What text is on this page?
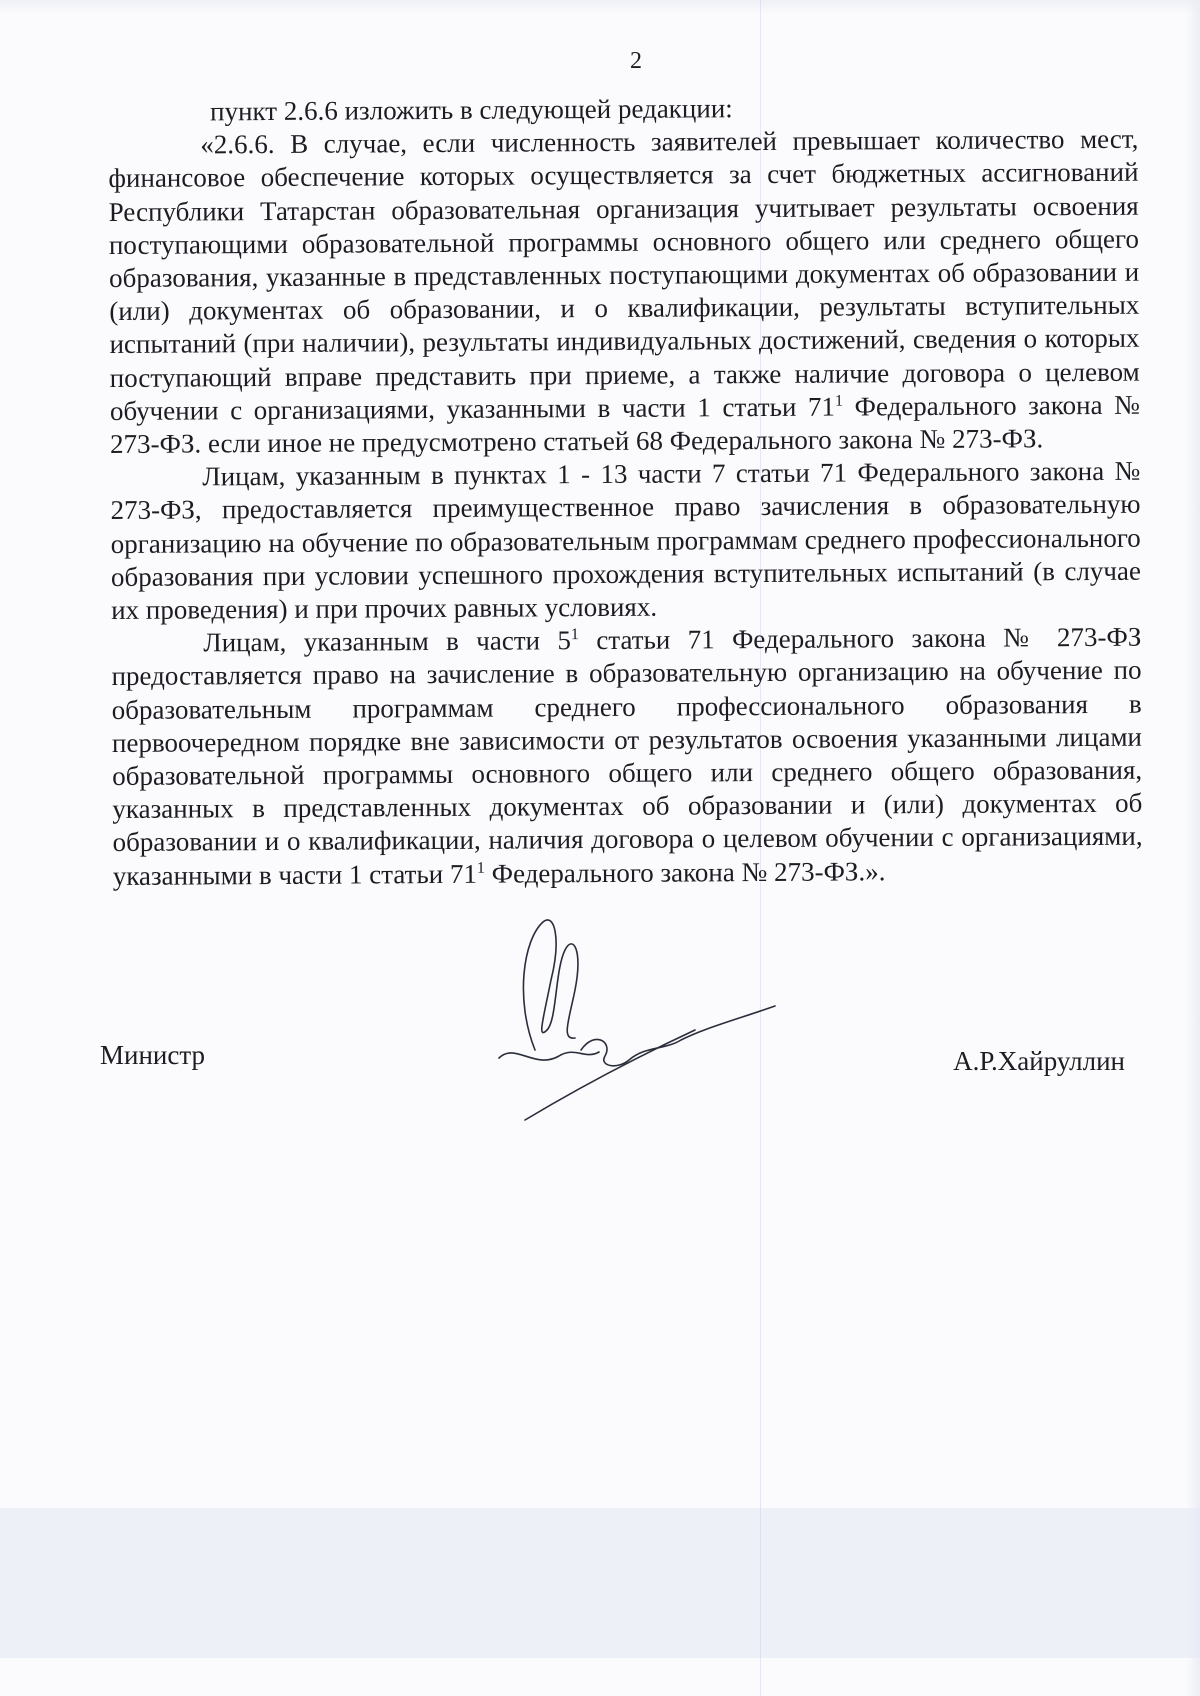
2

пункт 2.6.6 изложить в следующей редакции:

«2.6.6. В случае, если численность заявителей превышает количество мест, финансовое обеспечение которых осуществляется за счет бюджетных ассигнований Республики Татарстан образовательная организация учитывает результаты освоения поступающими образовательной программы основного общего или среднего общего образования, указанные в представленных поступающими документах об образовании и (или) документах об образовании, и о квалификации, результаты вступительных испытаний (при наличии), результаты индивидуальных достижений, сведения о которых поступающий вправе представить при приеме, а также наличие договора о целевом обучении с организациями, указанными в части 1 статьи $71^1$ Федерального закона № 273-ФЗ. если иное не предусмотрено статьей 68 Федерального закона № 273-ФЗ.

Лицам, указанным в пунктах 1 - 13 части 7 статьи 71 Федерального закона № 273-ФЗ, предоставляется преимущественное право зачисления в образовательную организацию на обучение по образовательным программам среднего профессионального образования при условии успешного прохождения вступительных испытаний (в случае их проведения) и при прочих равных условиях.

Лицам, указанным в части $5^1$ статьи 71 Федерального закона № 273-ФЗ предоставляется право на зачисление в образовательную организацию на обучение по образовательным программам среднего профессионального образования в первоочередном порядке вне зависимости от результатов освоения указанными лицами образовательной программы основного общего или среднего общего образования, указанных в представленных документах об образовании и (или) документах об образовании и о квалификации, наличия договора о целевом обучении с организациями, указанными в части 1 статьи $71^1$ Федерального закона № 273-ФЗ.».

Министр	А.Р.Хайруллин
